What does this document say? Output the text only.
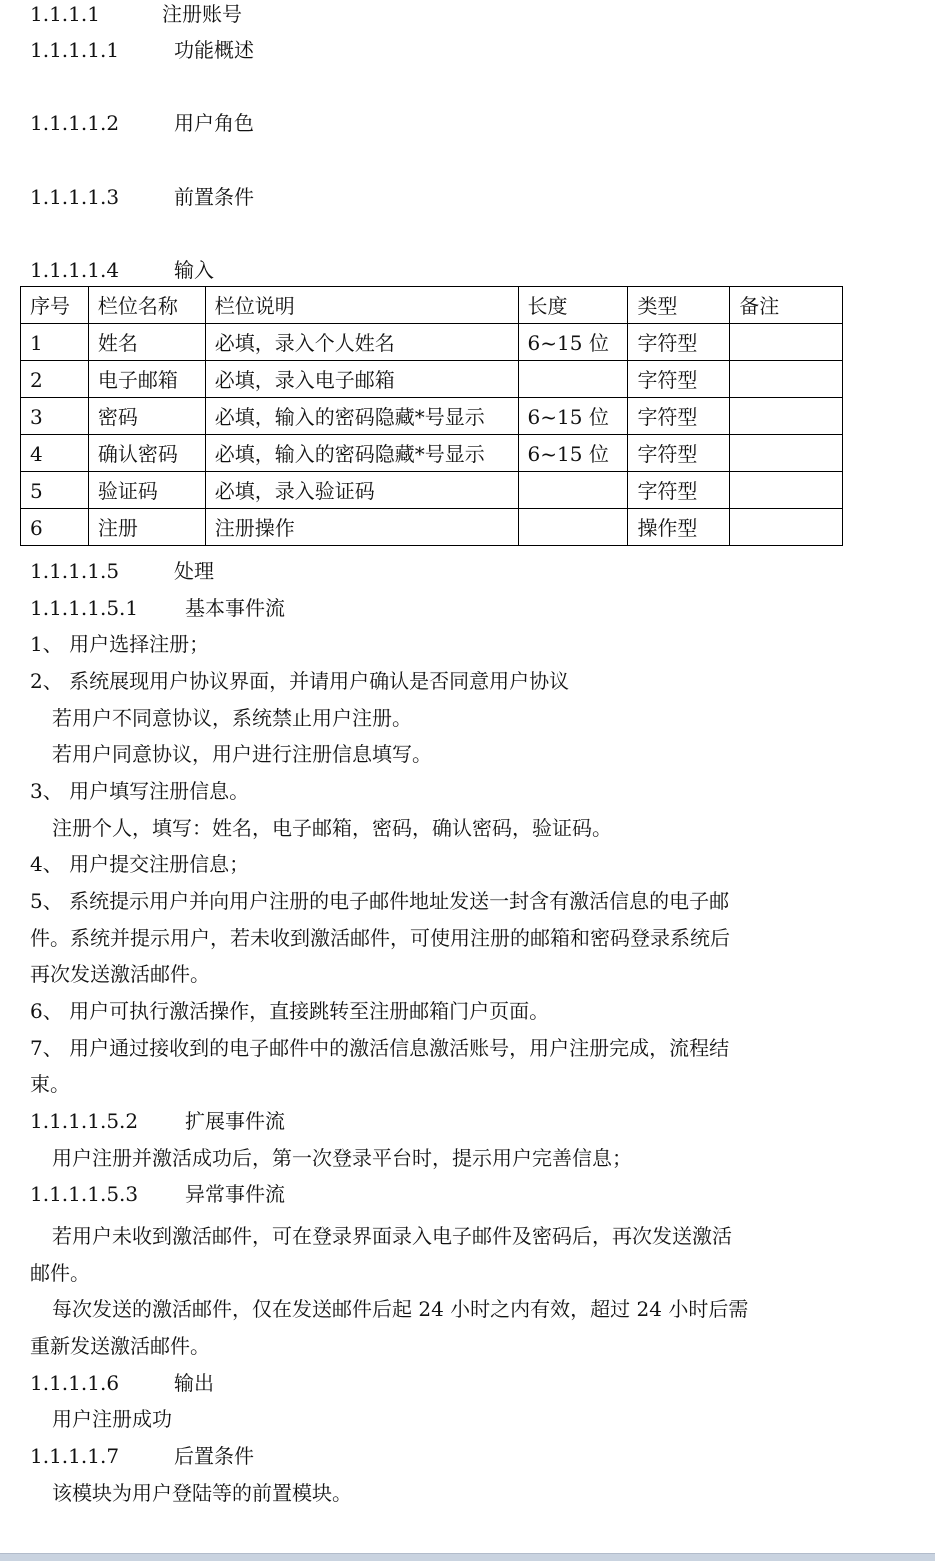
1.1.1.1	注册账号
1.1.1.1.1	功能概述
1.1.1.1.2	用户角色
1.1.1.1.3	前置条件
1.1.1.1.4	输入
序号	栏位名称	栏位说明	长度	类型	备注
1	姓名	必填，录入个人姓名	6~15 位	字符型	
2	电子邮箱	必填，录入电子邮箱		字符型	
3	密码	必填，输入的密码隐藏*号显示	6~15 位	字符型	
4	确认密码	必填，输入的密码隐藏*号显示	6~15 位	字符型	
5	验证码	必填，录入验证码		字符型	
6	注册	注册操作		操作型	
1.1.1.1.5	处理
1.1.1.1.5.1 基本事件流
1、 用户选择注册；
2、 系统展现用户协议界面，并请用户确认是否同意用户协议
若用户不同意协议，系统禁止用户注册。
若用户同意协议，用户进行注册信息填写。
3、 用户填写注册信息。
注册个人，填写：姓名，电子邮箱，密码，确认密码，验证码。
4、 用户提交注册信息；
5、 系统提示用户并向用户注册的电子邮件地址发送一封含有激活信息的电子邮
件。系统并提示用户，若未收到激活邮件，可使用注册的邮箱和密码登录系统后
再次发送激活邮件。
6、 用户可执行激活操作，直接跳转至注册邮箱门户页面。
7、 用户通过接收到的电子邮件中的激活信息激活账号，用户注册完成，流程结
束。
1.1.1.1.5.2 扩展事件流
用户注册并激活成功后，第一次登录平台时，提示用户完善信息；
1.1.1.1.5.3 异常事件流
若用户未收到激活邮件，可在登录界面录入电子邮件及密码后，再次发送激活
邮件。
每次发送的激活邮件，仅在发送邮件后起 24 小时之内有效，超过 24 小时后需
重新发送激活邮件。
1.1.1.1.6	输出
用户注册成功
1.1.1.1.7	后置条件
该模块为用户登陆等的前置模块。
